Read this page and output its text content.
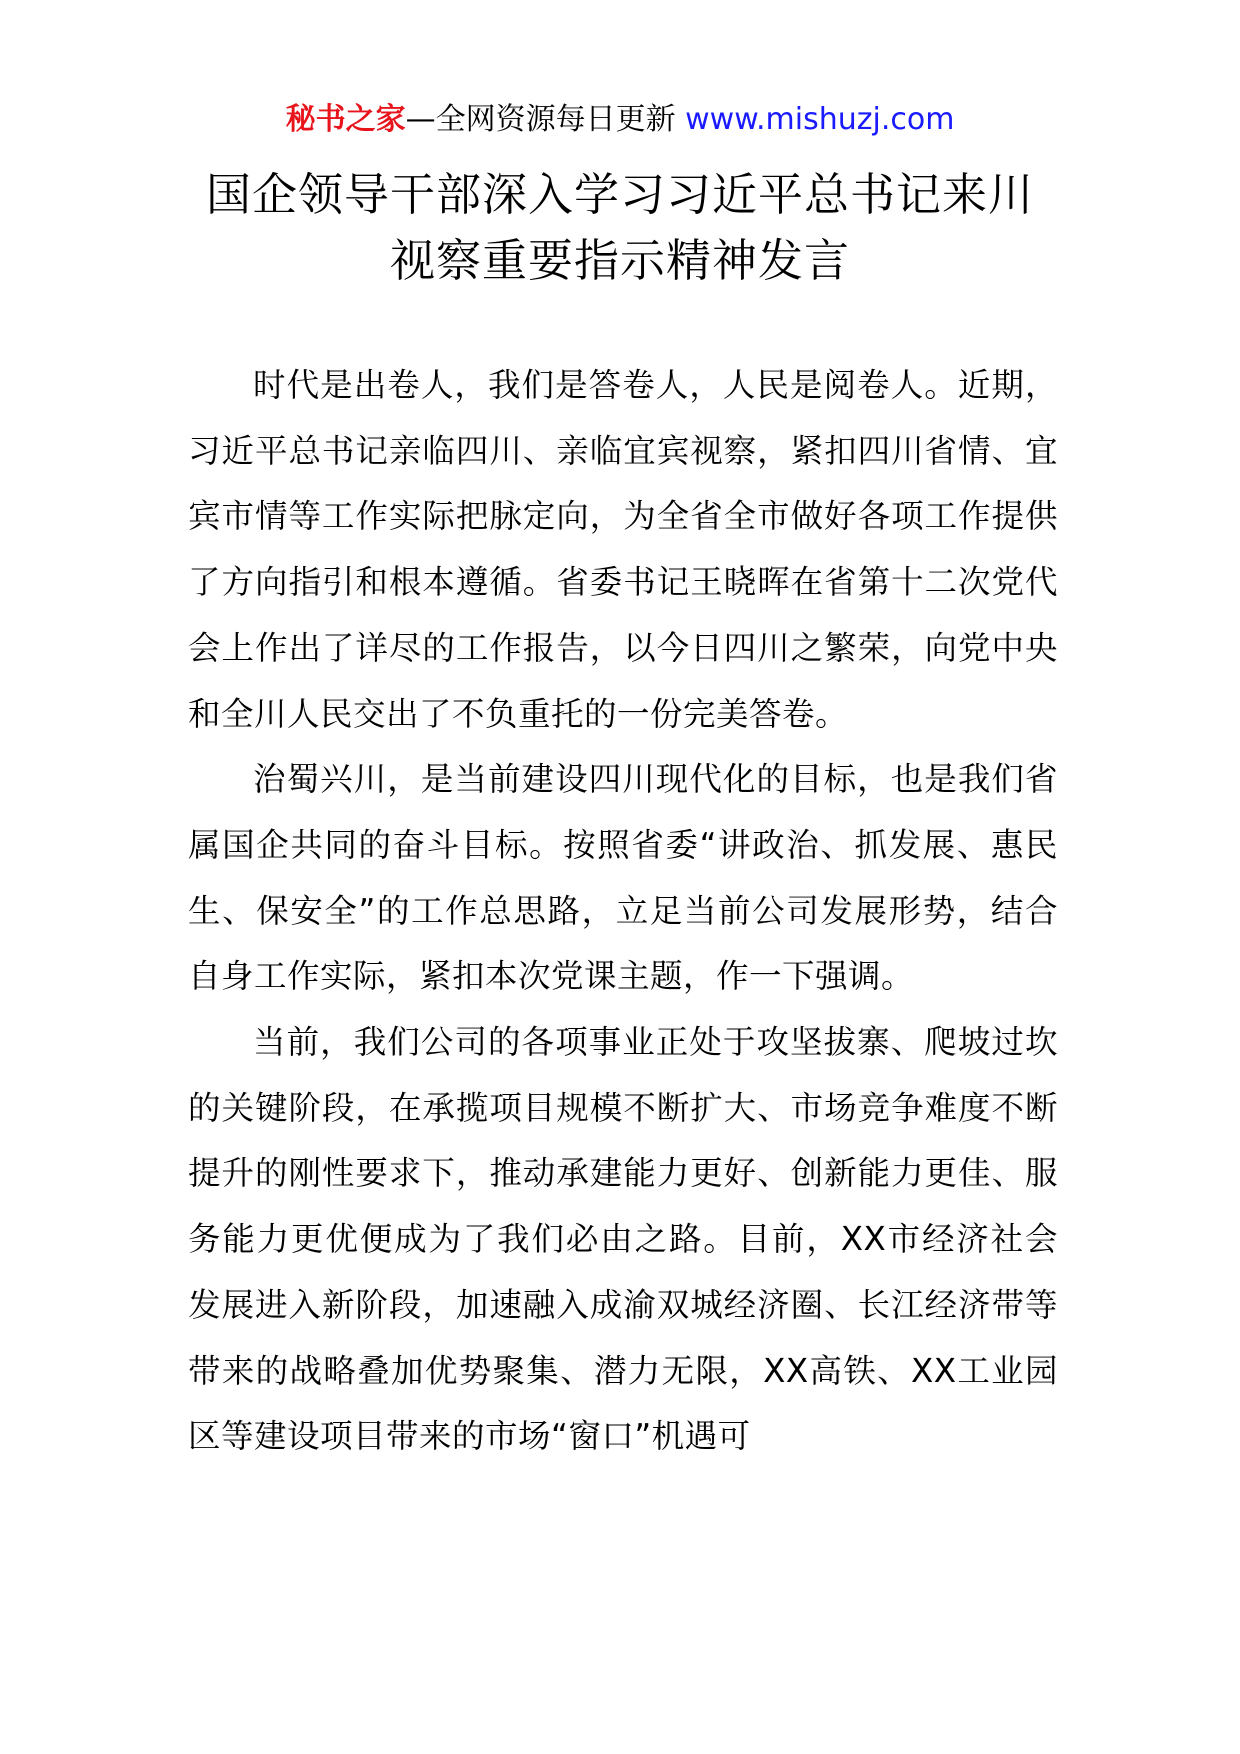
秘书之家—全网资源每日更新 www.mishuzj.com
国企领导干部深入学习习近平总书记来川
视察重要指示精神发言

时代是出卷人，我们是答卷人，人民是阅卷人。近期，习近平总书记亲临四川、亲临宜宾视察，紧扣四川省情、宜宾市情等工作实际把脉定向，为全省全市做好各项工作提供了方向指引和根本遵循。省委书记王晓晖在省第十二次党代会上作出了详尽的工作报告，以今日四川之繁荣，向党中央和全川人民交出了不负重托的一份完美答卷。

治蜀兴川，是当前建设四川现代化的目标，也是我们省属国企共同的奋斗目标。按照省委“讲政治、抓发展、惠民生、保安全”的工作总思路，立足当前公司发展形势，结合自身工作实际，紧扣本次党课主题，作一下强调。

当前，我们公司的各项事业正处于攻坚拔寨、爬坡过坎的关键阶段，在承揽项目规模不断扩大、市场竞争难度不断提升的刚性要求下，推动承建能力更好、创新能力更佳、服务能力更优便成为了我们必由之路。目前，XX市经济社会发展进入新阶段，加速融入成渝双城经济圈、长江经济带等带来的战略叠加优势聚集、潜力无限，XX高铁、XX工业园区等建设项目带来的市场“窗口”机遇可
